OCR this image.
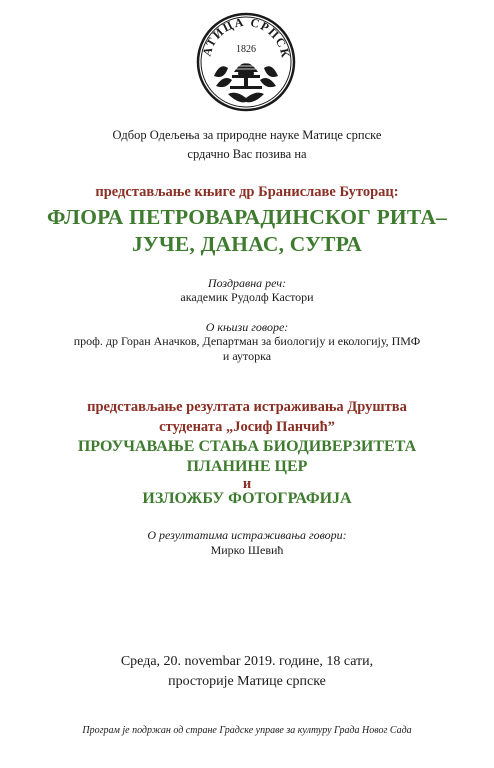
АТИЦА СРПСК
1826
Одбор Одељења за природне науке Матице српске
срдачно Вас позива на
представљање књиге др Браниславе Буторац:
ФЛОРА ПЕТРОВАРАДИНСКОГ РИТА–
ЈУЧЕ, ДАНАС, СУТРА
Поздравна реч:
академик Рудолф Кастори
О књизи говоре:
проф. др Горан Аначков, Департман за биологију и екологију, ПМФ
и ауторка
представљање резултата истраживања Друштва
студената „Јосиф Панчић”
ПРОУЧАВАЊЕ СТАЊА БИОДИВЕРЗИТЕТА
ПЛАНИНЕ ЦЕР
и
ИЗЛОЖБУ ФОТОГРАФИЈА
О резултатима истраживања говори:
Мирко Шевић
Среда, 20. novembar 2019. године, 18 сати,
просторије Матице српске
Програм је подржан од стране Градске управе за културу Града Новог Сада
